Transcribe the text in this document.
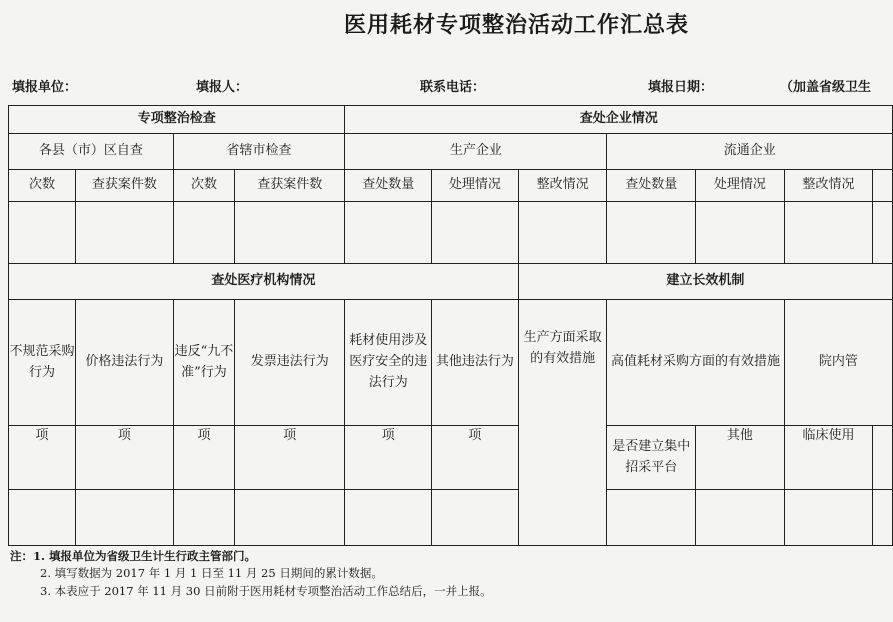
医用耗材专项整治活动工作汇总表
填报单位：	填报人：	联系电话：	填报日期：	（加盖省级卫生
专项整治检查				查处企业情况						
各县（市）区自查		省辖市检查		生产企业			流通企业			
次数	查获案件数	次数	查获案件数	查处数量	处理情况	整改情况	查处数量	处理情况	整改情况	

查处医疗机构情况						建立长效机制				
不规范采购行为	价格违法行为	违反“九不准”行为	发票违法行为	耗材使用涉及医疗安全的违法行为	其他违法行为	生产方面采取的有效措施	高值耗材采购方面的有效措施		院内管	
项	项	项	项	项	项		是否建立集中招采平台	其他	临床使用	

注：1. 填报单位为省级卫生计生行政主管部门。
2. 填写数据为 2017 年 1 月 1 日至 11 月 25 日期间的累计数据。
3. 本表应于 2017 年 11 月 30 日前附于医用耗材专项整治活动工作总结后，一并上报。
